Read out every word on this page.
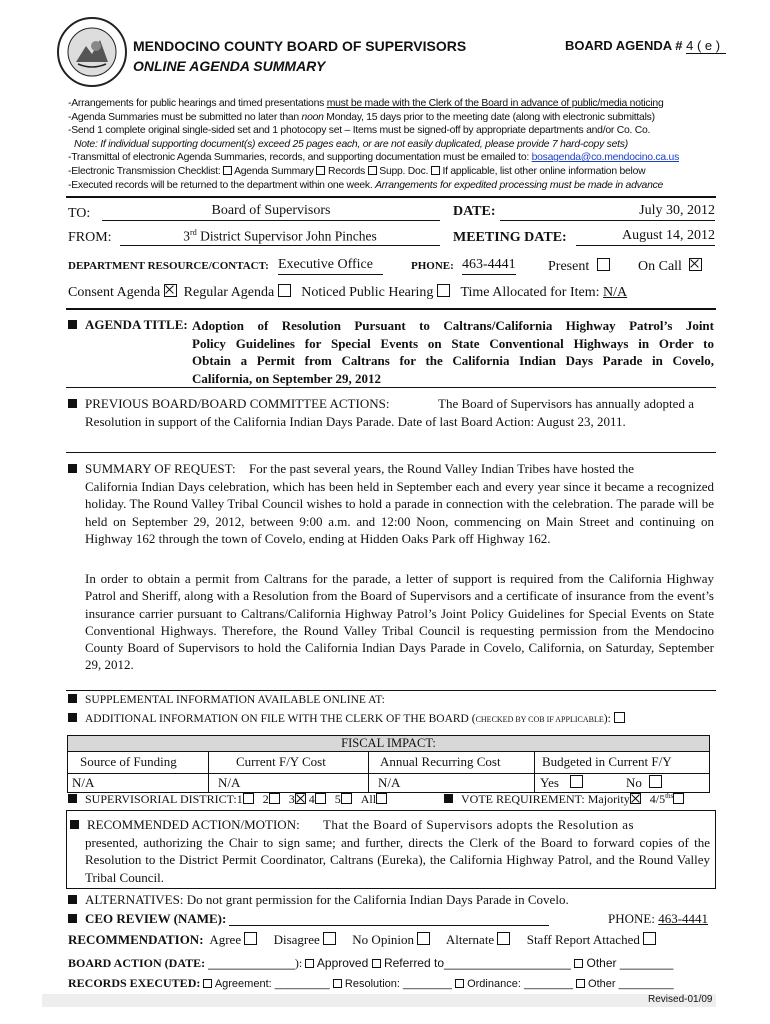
MENDOCINO COUNTY BOARD OF SUPERVISORS
ONLINE AGENDA SUMMARY
BOARD AGENDA # 4 ( e )
-Arrangements for public hearings and timed presentations must be made with the Clerk of the Board in advance of public/media noticing
-Agenda Summaries must be submitted no later than noon Monday, 15 days prior to the meeting date (along with electronic submittals)
-Send 1 complete original single-sided set and 1 photocopy set – Items must be signed-off by appropriate departments and/or Co. Co.
Note: If individual supporting document(s) exceed 25 pages each, or are not easily duplicated, please provide 7 hard-copy sets)
-Transmittal of electronic Agenda Summaries, records, and supporting documentation must be emailed to: bosagenda@co.mendocino.ca.us
-Electronic Transmission Checklist:  Agenda Summary Records Supp. Doc. If applicable, list other online information below
-Executed records will be returned to the department within one week. Arrangements for expedited processing must be made in advance
TO:	Board of Supervisors	DATE:	July 30, 2012
FROM:	3rd District Supervisor John Pinches	MEETING DATE:	August 14, 2012
DEPARTMENT RESOURCE/CONTACT: Executive Office	PHONE: 463-4441 Present	On Call
Consent Agenda Regular Agenda Noticed Public Hearing Time Allocated for Item: N/A
AGENDA TITLE: Adoption of Resolution Pursuant to Caltrans/California Highway Patrol’s Joint
Policy Guidelines for Special Events on State Conventional Highways in Order to
Obtain a Permit from Caltrans for the California Indian Days Parade in Covelo,
California, on September 29, 2012
PREVIOUS BOARD/BOARD COMMITTEE ACTIONS:	The Board of Supervisors has annually adopted a
Resolution in support of the California Indian Days Parade. Date of last Board Action: August 23, 2011.
SUMMARY OF REQUEST: For the past several years, the Round Valley Indian Tribes have hosted the
California Indian Days celebration, which has been held in September each and every year since it became a recognized holiday. The Round Valley Tribal Council wishes to hold a parade in connection with the celebration. The parade will be held on September 29, 2012, between 9:00 a.m. and 12:00 Noon, commencing on Main Street and continuing on Highway 162 through the town of Covelo, ending at Hidden Oaks Park off Highway 162.
In order to obtain a permit from Caltrans for the parade, a letter of support is required from the California Highway Patrol and Sheriff, along with a Resolution from the Board of Supervisors and a certificate of insurance from the event’s insurance carrier pursuant to Caltrans/California Highway Patrol’s Joint Policy Guidelines for Special Events on State Conventional Highways. Therefore, the Round Valley Tribal Council is requesting permission from the Mendocino County Board of Supervisors to hold the California Indian Days Parade in Covelo, California, on Saturday, September 29, 2012.
SUPPLEMENTAL INFORMATION AVAILABLE ONLINE AT:
ADDITIONAL INFORMATION ON FILE WITH THE CLERK OF THE BOARD (CHECKED BY COB IF APPLICABLE):
FISCAL IMPACT:
Source of Funding	Current F/Y Cost	Annual Recurring Cost	Budgeted in Current F/Y
N/A	N/A	N/A	Yes	No
SUPERVISORIAL DISTRICT:1 2 3 4 5 All	VOTE REQUIREMENT: Majority $4/5^{ths}$
RECOMMENDED ACTION/MOTION: That the Board of Supervisors adopts the Resolution as
presented, authorizing the Chair to sign same; and further, directs the Clerk of the Board to forward copies of the Resolution to the District Permit Coordinator, Caltrans (Eureka), the California Highway Patrol, and the Round Valley Tribal Council.
ALTERNATIVES: Do not grant permission for the California Indian Days Parade in Covelo.
CEO REVIEW (NAME):	PHONE: 463-4441
RECOMMENDATION: Agree	Disagree	No Opinion Alternate	Staff Report Attached
BOARD ACTION (DATE: _____________): Approved Referred to___________________ Other ________
RECORDS EXECUTED: Agreement: _________ Resolution: ________ Ordinance: ________ Other _________
Revised-01/09
